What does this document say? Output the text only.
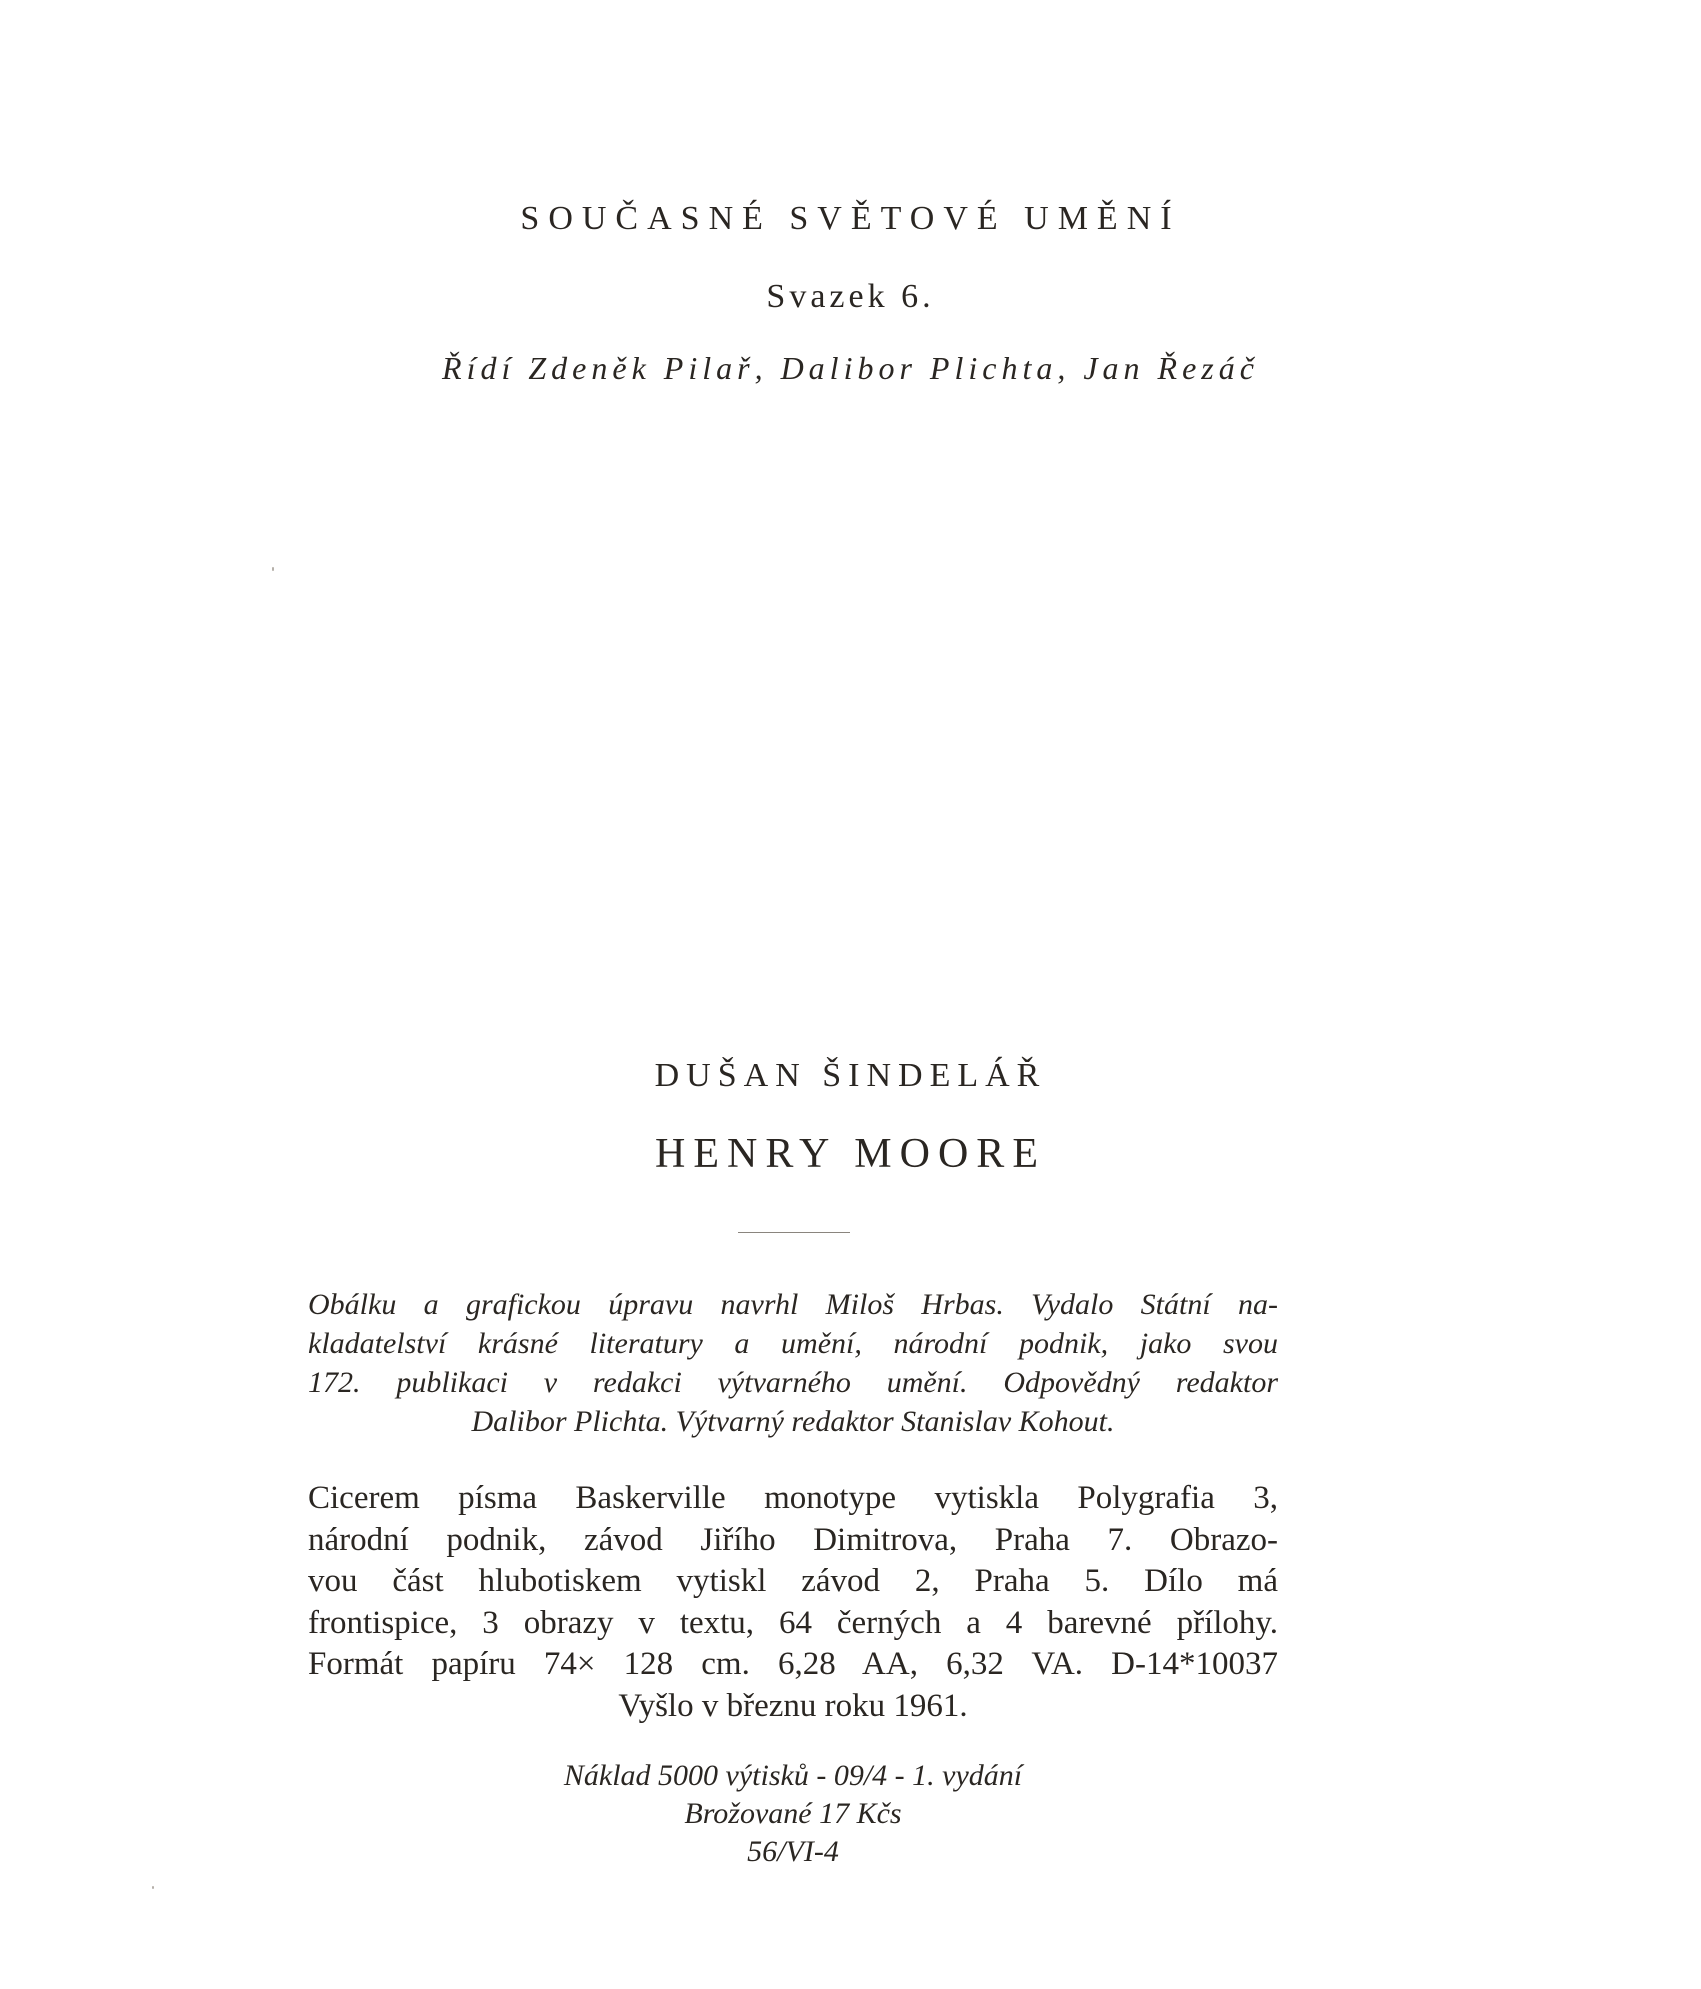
SOUČASNÉ SVĚTOVÉ UMĚNÍ
Svazek 6.
Řídí Zdeněk Pilař, Dalibor Plichta, Jan Řezáč
DUŠAN ŠINDELÁŘ
HENRY MOORE
Obálku a grafickou úpravu navrhl Miloš Hrbas. Vydalo Státní na-
kladatelství krásné literatury a umění, národní podnik, jako svou
172. publikaci v redakci výtvarného umění. Odpovědný redaktor
Dalibor Plichta. Výtvarný redaktor Stanislav Kohout.
Cicerem písma Baskerville monotype vytiskla Polygrafia 3,
národní podnik, závod Jiřího Dimitrova, Praha 7. Obrazo-
vou část hlubotiskem vytiskl závod 2, Praha 5. Dílo má
frontispice, 3 obrazy v textu, 64 černých a 4 barevné přílohy.
Formát papíru 74× 128 cm. 6,28 AA, 6,32 VA. D-14*10037
Vyšlo v březnu roku 1961.
Náklad 5000 výtisků - 09/4 - 1. vydání
Brožované 17 Kčs
56/VI-4
